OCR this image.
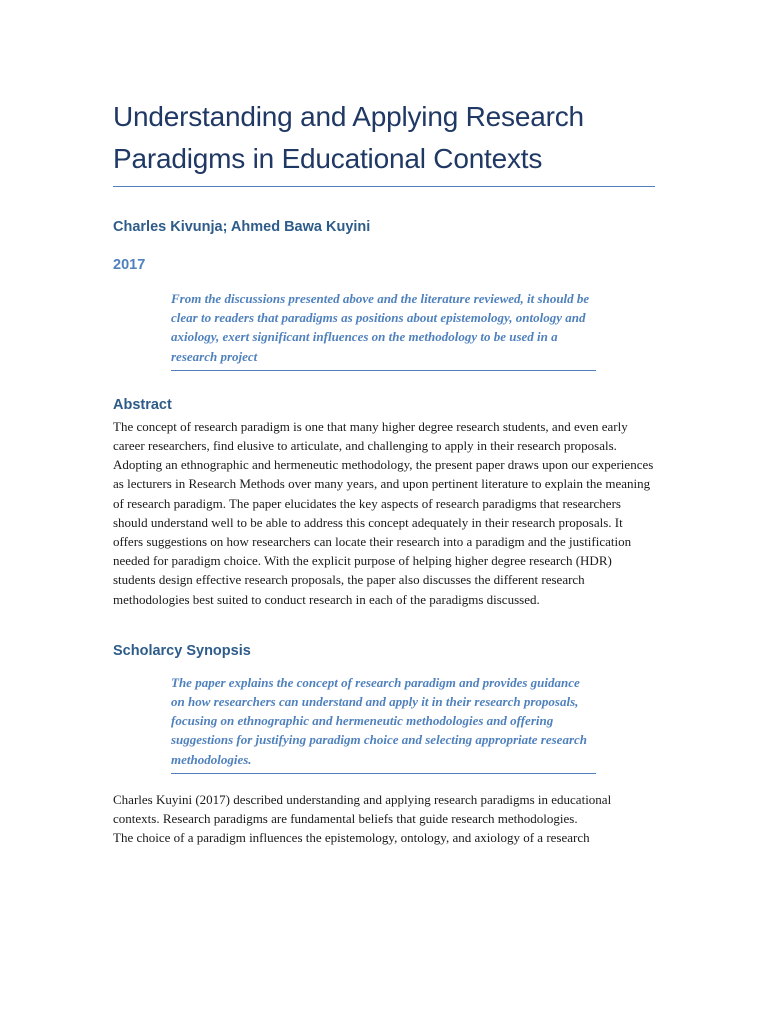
Understanding and Applying Research Paradigms in Educational Contexts
Charles Kivunja; Ahmed Bawa Kuyini
2017
From the discussions presented above and the literature reviewed, it should be clear to readers that paradigms as positions about epistemology, ontology and axiology, exert significant influences on the methodology to be used in a research project
Abstract
The concept of research paradigm is one that many higher degree research students, and even early career researchers, find elusive to articulate, and challenging to apply in their research proposals. Adopting an ethnographic and hermeneutic methodology, the present paper draws upon our experiences as lecturers in Research Methods over many years, and upon pertinent literature to explain the meaning of research paradigm. The paper elucidates the key aspects of research paradigms that researchers should understand well to be able to address this concept adequately in their research proposals. It offers suggestions on how researchers can locate their research into a paradigm and the justification needed for paradigm choice. With the explicit purpose of helping higher degree research (HDR) students design effective research proposals, the paper also discusses the different research methodologies best suited to conduct research in each of the paradigms discussed.
Scholarcy Synopsis
The paper explains the concept of research paradigm and provides guidance on how researchers can understand and apply it in their research proposals, focusing on ethnographic and hermeneutic methodologies and offering suggestions for justifying paradigm choice and selecting appropriate research methodologies.

Charles Kuyini (2017) described understanding and applying research paradigms in educational contexts. Research paradigms are fundamental beliefs that guide research methodologies.

The choice of a paradigm influences the epistemology, ontology, and axiology of a research
